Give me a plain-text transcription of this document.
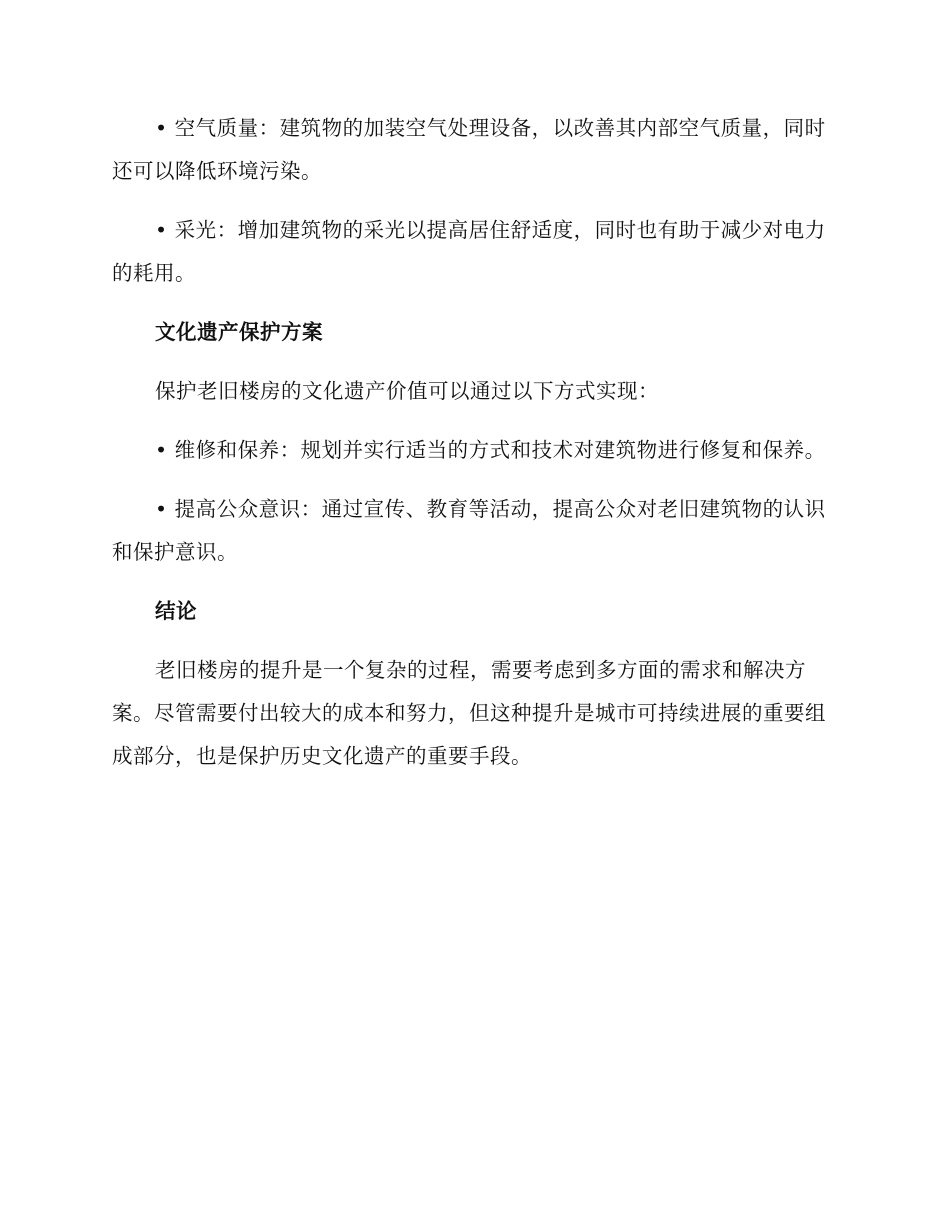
• 空气质量：建筑物的加装空气处理设备，以改善其内部空气质量，同时还可以降低环境污染。

• 采光：增加建筑物的采光以提高居住舒适度，同时也有助于减少对电力的耗用。

文化遗产保护方案

保护老旧楼房的文化遗产价值可以通过以下方式实现：

• 维修和保养：规划并实行适当的方式和技术对建筑物进行修复和保养。

• 提高公众意识：通过宣传、教育等活动，提高公众对老旧建筑物的认识和保护意识。

结论

老旧楼房的提升是一个复杂的过程，需要考虑到多方面的需求和解决方案。尽管需要付出较大的成本和努力，但这种提升是城市可持续进展的重要组成部分，也是保护历史文化遗产的重要手段。
